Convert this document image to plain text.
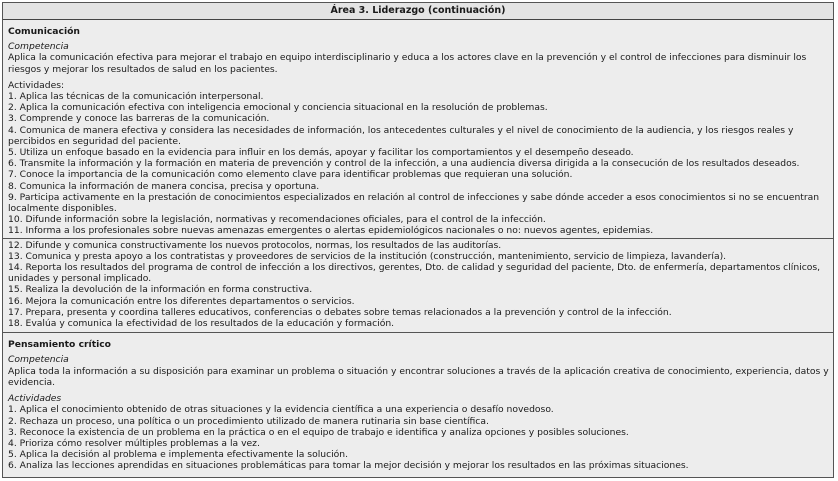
Área 3. Liderazgo (continuación)
Comunicación
Competencia
Aplica la comunicación efectiva para mejorar el trabajo en equipo interdisciplinario y educa a los actores clave en la prevención y el control de infecciones para disminuir los riesgos y mejorar los resultados de salud en los pacientes.
Actividades:
1. Aplica las técnicas de la comunicación interpersonal.
2. Aplica la comunicación efectiva con inteligencia emocional y conciencia situacional en la resolución de problemas.
3. Comprende y conoce las barreras de la comunicación.
4. Comunica de manera efectiva y considera las necesidades de información, los antecedentes culturales y el nivel de conocimiento de la audiencia, y los riesgos reales y percibidos en seguridad del paciente.
5. Utiliza un enfoque basado en la evidencia para influir en los demás, apoyar y facilitar los comportamientos y el desempeño deseado.
6. Transmite la información y la formación en materia de prevención y control de la infección, a una audiencia diversa dirigida a la consecución de los resultados deseados.
7. Conoce la importancia de la comunicación como elemento clave para identificar problemas que requieran una solución.
8. Comunica la información de manera concisa, precisa y oportuna.
9. Participa activamente en la prestación de conocimientos especializados en relación al control de infecciones y sabe dónde acceder a esos conocimientos si no se encuentran localmente disponibles.
10. Difunde información sobre la legislación, normativas y recomendaciones oficiales, para el control de la infección.
11. Informa a los profesionales sobre nuevas amenazas emergentes o alertas epidemiológicos nacionales o no: nuevos agentes, epidemias.
12. Difunde y comunica constructivamente los nuevos protocolos, normas, los resultados de las auditorías.
13. Comunica y presta apoyo a los contratistas y proveedores de servicios de la institución (construcción, mantenimiento, servicio de limpieza, lavandería).
14. Reporta los resultados del programa de control de infección a los directivos, gerentes, Dto. de calidad y seguridad del paciente, Dto. de enfermería, departamentos clínicos, unidades y personal implicado.
15. Realiza la devolución de la información en forma constructiva.
16. Mejora la comunicación entre los diferentes departamentos o servicios.
17. Prepara, presenta y coordina talleres educativos, conferencias o debates sobre temas relacionados a la prevención y control de la infección.
18. Evalúa y comunica la efectividad de los resultados de la educación y formación.
Pensamiento crítico
Competencia
Aplica toda la información a su disposición para examinar un problema o situación y encontrar soluciones a través de la aplicación creativa de conocimiento, experiencia, datos y evidencia.
Actividades
1. Aplica el conocimiento obtenido de otras situaciones y la evidencia científica a una experiencia o desafío novedoso.
2. Rechaza un proceso, una política o un procedimiento utilizado de manera rutinaria sin base científica.
3. Reconoce la existencia de un problema en la práctica o en el equipo de trabajo e identifica y analiza opciones y posibles soluciones.
4. Prioriza cómo resolver múltiples problemas a la vez.
5. Aplica la decisión al problema e implementa efectivamente la solución.
6. Analiza las lecciones aprendidas en situaciones problemáticas para tomar la mejor decisión y mejorar los resultados en las próximas situaciones.
